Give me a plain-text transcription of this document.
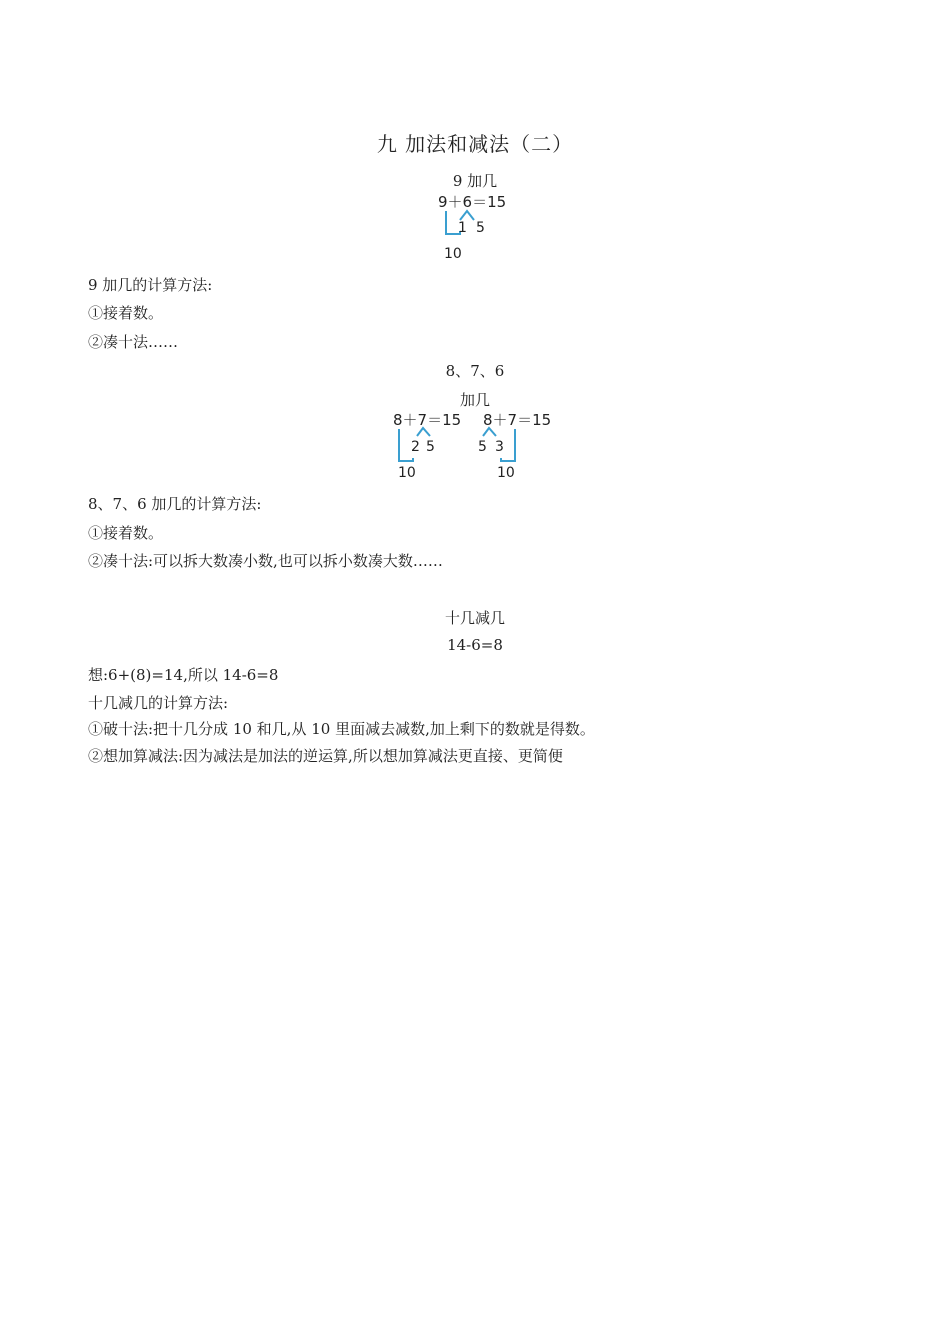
九 加法和减法（二）
9 加几
9＋6＝15
1 5
10
9 加几的计算方法:
①接着数。
②凑十法……
8、7、6
加几
8＋7＝15
2 5
10
8＋7＝15
5 3
10
8、7、6 加几的计算方法:
①接着数。
②凑十法:可以拆大数凑小数,也可以拆小数凑大数……
十几减几
14-6=8
想:6+(8)=14,所以 14-6=8
十几减几的计算方法:
①破十法:把十几分成 10 和几,从 10 里面减去减数,加上剩下的数就是得数。
②想加算减法:因为减法是加法的逆运算,所以想加算减法更直接、更简便
